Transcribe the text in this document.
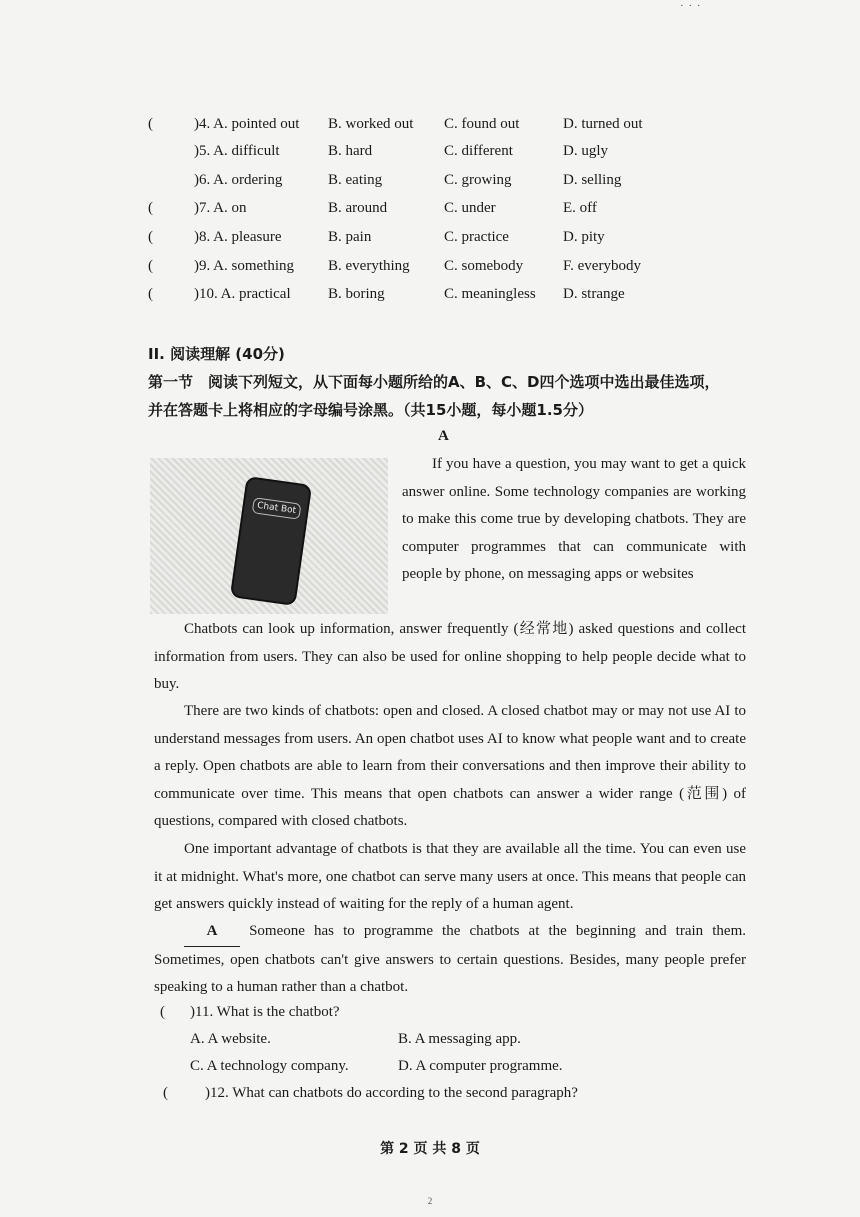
· · ·
(	)4. A. pointed out B. worked out C. found out	D. turned out
)5. A. difficult	B. hard	C. different	D. ugly
)6. A. ordering	B. eating	C. growing	D. selling
(	)7. A. on	B. around	C. under	E. off
(	)8. A. pleasure	B. pain	C. practice	D. pity
(	)9. A. something B. everything C. somebody	F. everybody
(	)10. A. practical B. boring	C. meaningless D. strange
II. 阅读理解 (40分)
第一节　阅读下列短文，从下面每小题所给的A、B、C、D四个选项中选出最佳选项，
并在答题卡上将相应的字母编号涂黑。（共15小题，每小题1.5分）
A
Chat Bot
If you have a question, you may want to get a quick answer online. Some technology companies are working to make this come true by developing chatbots. They are computer programmes that can communicate with people by phone, on messaging apps or websites
Chatbots can look up information, answer frequently (经常地) asked questions and collect information from users. They can also be used for online shopping to help people decide what to buy.
There are two kinds of chatbots: open and closed. A closed chatbot may or may not use AI to understand messages from users. An open chatbot uses AI to know what people want and to create a reply. Open chatbots are able to learn from their conversations and then improve their ability to communicate over time. This means that open chatbots can answer a wider range (范围) of questions, compared with closed chatbots.
One important advantage of chatbots is that they are available all the time. You can even use it at midnight. What's more, one chatbot can serve many users at once. This means that people can get answers quickly instead of waiting for the reply of a human agent.
A Someone has to programme the chatbots at the beginning and train them. Sometimes, open chatbots can't give answers to certain questions. Besides, many people prefer speaking to a human rather than a chatbot.
( )11. What is the chatbot?
A. A website.	B. A messaging app.
C. A technology company.	D. A computer programme.
( )12. What can chatbots do according to the second paragraph?
第 2 页 共 8 页
2
